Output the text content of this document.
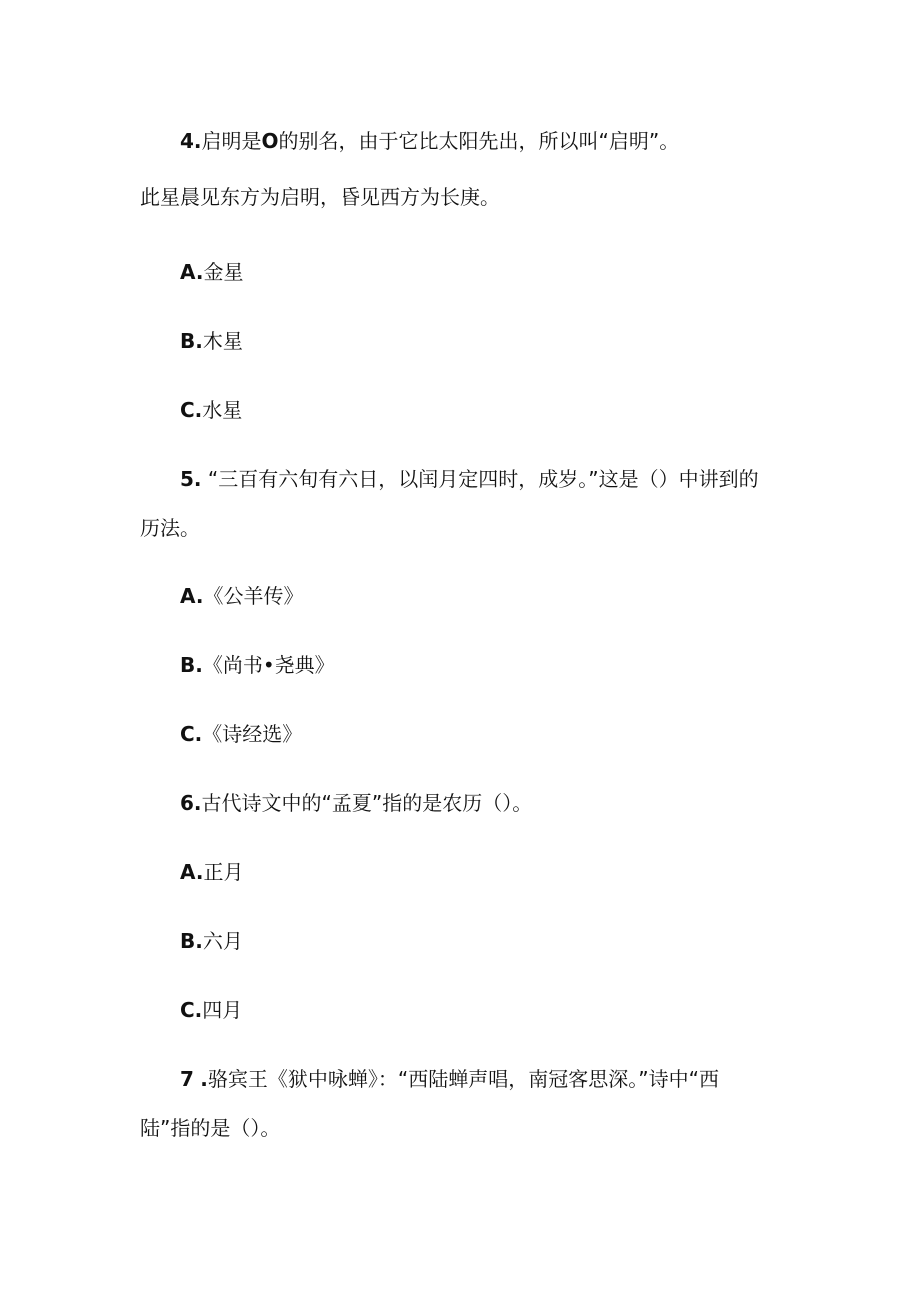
4.启明是O的别名，由于它比太阳先出，所以叫“启明”。

此星晨见东方为启明，昏见西方为长庚。

A.金星

B.木星

C.水星

5. “三百有六旬有六日，以闰月定四时，成岁。”这是（）中讲到的

历法。

A.《公羊传》

B.《尚书•尧典》

C.《诗经选》

6.古代诗文中的“孟夏”指的是农历（）。

A.正月

B.六月

C.四月

7 .骆宾王《狱中咏蝉》：“西陆蝉声唱，南冠客思深。”诗中“西

陆”指的是（）。
